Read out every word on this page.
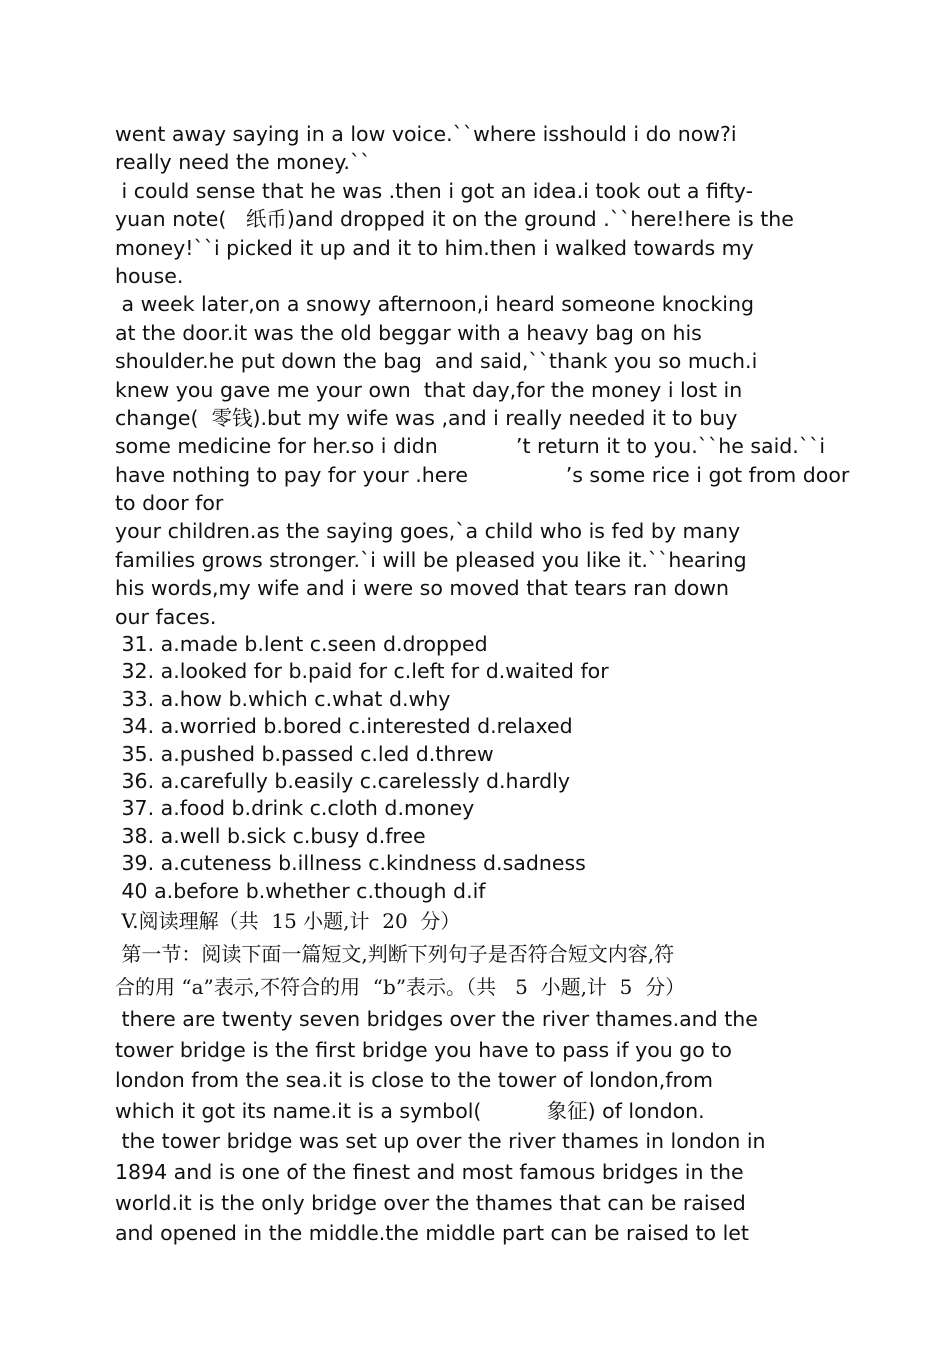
went away saying in a low voice.``where isshould i do now?i
really need the money.``
i could sense that he was .then i got an idea.i took out a fifty-
yuan note(   纸币)and dropped it on the ground .``here!here is the
money!``i picked it up and it to him.then i walked towards my
house.
a week later,on a snowy afternoon,i heard someone knocking
at the door.it was the old beggar with a heavy bag on his
shoulder.he put down the bag  and said,``thank you so much.i
knew you gave me your own  that day,for the money i lost in
change(  零钱).but my wife was ,and i really needed it to buy
some medicine for her.so i didn            ’t return it to you.``he said.``i
have nothing to pay for your .here               ’s some rice i got from door
to door for
your children.as the saying goes,`a child who is fed by many
families grows stronger.`i will be pleased you like it.``hearing
his words,my wife and i were so moved that tears ran down
our faces.
31. a.made b.lent c.seen d.dropped
32. a.looked for b.paid for c.left for d.waited for
33. a.how b.which c.what d.why
34. a.worried b.bored c.interested d.relaxed
35. a.pushed b.passed c.led d.threw
36. a.carefully b.easily c.carelessly d.hardly
37. a.food b.drink c.cloth d.money
38. a.well b.sick c.busy d.free
39. a.cuteness b.illness c.kindness d.sadness
40 a.before b.whether c.though d.if
V.阅读理解（共  15 小题,计  20  分）
第一节：阅读下面一篇短文,判断下列句子是否符合短文内容,符
合的用 “a”表示,不符合的用  “b”表示。（共   5  小题,计  5  分）
there are twenty seven bridges over the river thames.and the
tower bridge is the first bridge you have to pass if you go to
london from the sea.it is close to the tower of london,from
which it got its name.it is a symbol(          象征) of london.
the tower bridge was set up over the river thames in london in
1894 and is one of the finest and most famous bridges in the
world.it is the only bridge over the thames that can be raised
and opened in the middle.the middle part can be raised to let
